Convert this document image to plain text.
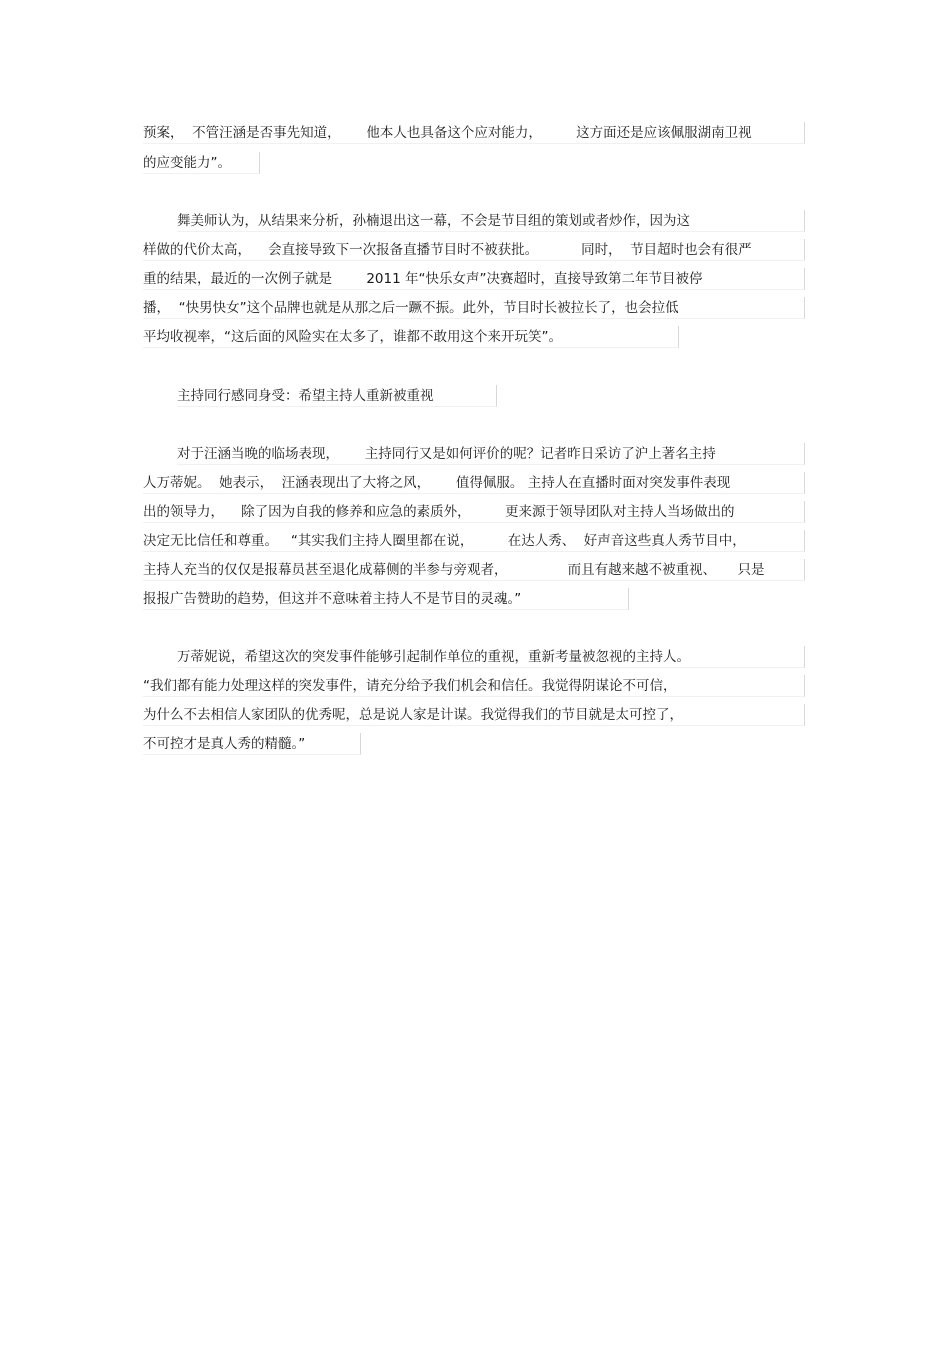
预案，  不管汪涵是否事先知道，      他本人也具备这个应对能力，        这方面还是应该佩服湖南卫视
的应变能力”。
舞美师认为，从结果来分析，孙楠退出这一幕，不会是节目组的策划或者炒作，因为这
样做的代价太高，    会直接导致下一次报备直播节目时不被获批。          同时，  节目超时也会有很严
重的结果，最近的一次例子就是        2011 年“快乐女声”决赛超时，直接导致第二年节目被停
播，  “快男快女”这个品牌也就是从那之后一蹶不振。此外，节目时长被拉长了，也会拉低
平均收视率，“这后面的风险实在太多了，谁都不敢用这个来开玩笑”。
主持同行感同身受：希望主持人重新被重视
对于汪涵当晚的临场表现，      主持同行又是如何评价的呢？记者昨日采访了沪上著名主持
人万蒂妮。  她表示，  汪涵表现出了大将之风，      值得佩服。 主持人在直播时面对突发事件表现
出的领导力，    除了因为自我的修养和应急的素质外，        更来源于领导团队对主持人当场做出的
决定无比信任和尊重。   “其实我们主持人圈里都在说，        在达人秀、  好声音这些真人秀节目中，
主持人充当的仅仅是报幕员甚至退化成幕侧的半参与旁观者，              而且有越来越不被重视、     只是
报报广告赞助的趋势，但这并不意味着主持人不是节目的灵魂。”
万蒂妮说，希望这次的突发事件能够引起制作单位的重视，重新考量被忽视的主持人。
“我们都有能力处理这样的突发事件，请充分给予我们机会和信任。我觉得阴谋论不可信，
为什么不去相信人家团队的优秀呢，总是说人家是计谋。我觉得我们的节目就是太可控了，
不可控才是真人秀的精髓。”
